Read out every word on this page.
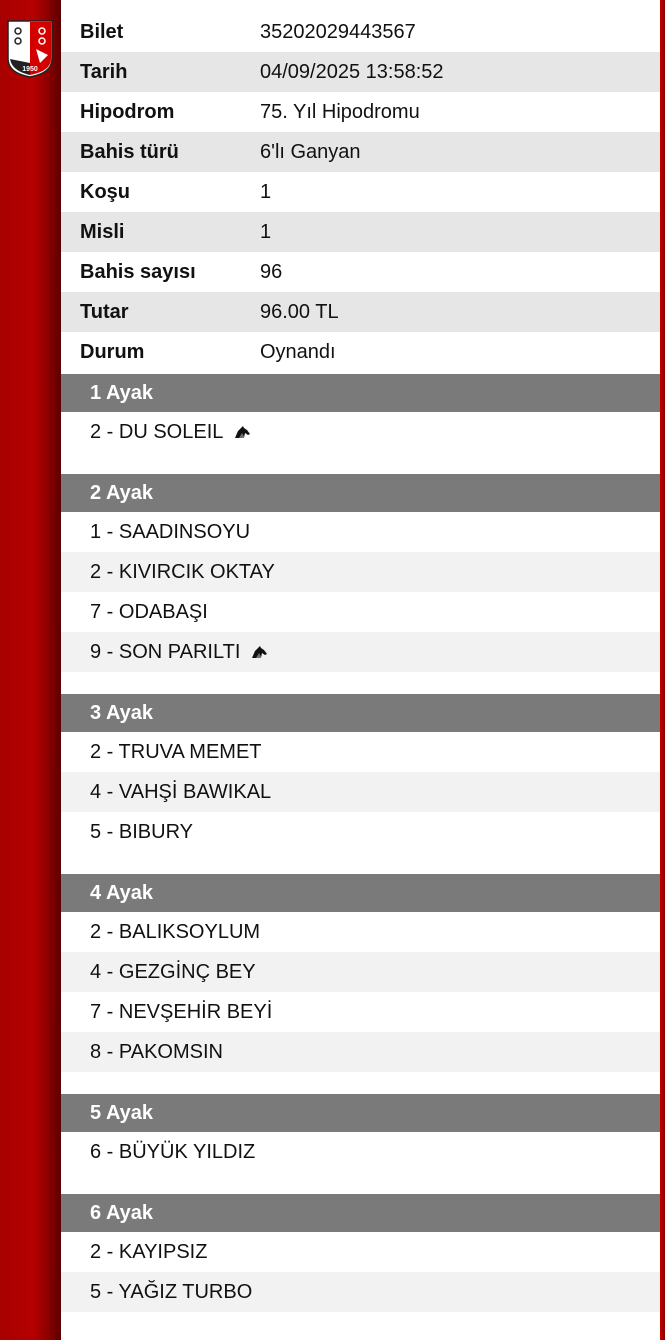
1950
Bilet	35202029443567
Tarih	04/09/2025 13:58:52
Hipodrom	75. Yıl Hipodromu
Bahis türü	6'lı Ganyan
Koşu	1
Misli	1
Bahis sayısı	96
Tutar	96.00 TL
Durum	Oynandı
1 Ayak
2 - DU SOLEIL
2 Ayak
1 - SAADINSOYU
2 - KIVIRCIK OKTAY
7 - ODABAŞI
9 - SON PARILTI
3 Ayak
2 - TRUVA MEMET
4 - VAHŞİ BAWIKAL
5 - BIBURY
4 Ayak
2 - BALIKSOYLUM
4 - GEZGİNÇ BEY
7 - NEVŞEHİR BEYİ
8 - PAKOMSIN
5 Ayak
6 - BÜYÜK YILDIZ
6 Ayak
2 - KAYIPSIZ
5 - YAĞIZ TURBO
